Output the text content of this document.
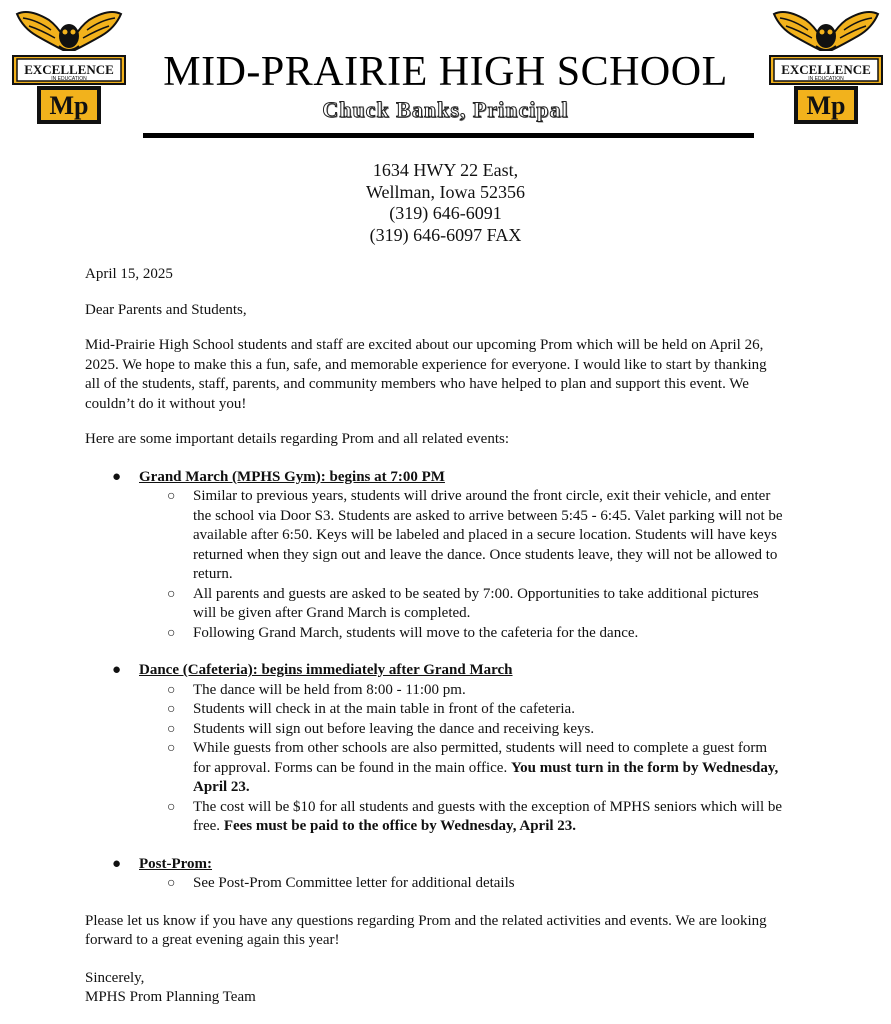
EXCELLENCE
IN EDUCATION
Mp
EXCELLENCE
IN EDUCATION
Mp
MID-PRAIRIE HIGH SCHOOL
Chuck Banks, Principal
1634 HWY 22 East,
Wellman, Iowa 52356
(319) 646-6091
(319) 646-6097 FAX

April 15, 2025

Dear Parents and Students,

Mid-Prairie High School students and staff are excited about our upcoming Prom which will be held on April 26, 2025. We hope to make this a fun, safe, and memorable experience for everyone. I would like to start by thanking all of the students, staff, parents, and community members who have helped to plan and support this event. We couldn’t do it without you!

Here are some important details regarding Prom and all related events:

● Grand March (MPHS Gym): begins at 7:00 PM
○ Similar to previous years, students will drive around the front circle, exit their vehicle, and enter the school via Door S3. Students are asked to arrive between 5:45 - 6:45. Valet parking will not be available after 6:50. Keys will be labeled and placed in a secure location. Students will have keys returned when they sign out and leave the dance. Once students leave, they will not be allowed to return.
○ All parents and guests are asked to be seated by 7:00. Opportunities to take additional pictures will be given after Grand March is completed.
○ Following Grand March, students will move to the cafeteria for the dance.
● Dance (Cafeteria): begins immediately after Grand March
○ The dance will be held from 8:00 - 11:00 pm.
○ Students will check in at the main table in front of the cafeteria.
○ Students will sign out before leaving the dance and receiving keys.
○ While guests from other schools are also permitted, students will need to complete a guest form for approval. Forms can be found in the main office. You must turn in the form by Wednesday, April 23.
○ The cost will be $10 for all students and guests with the exception of MPHS seniors which will be free. Fees must be paid to the office by Wednesday, April 23.
● Post-Prom:
○ See Post-Prom Committee letter for additional details

Please let us know if you have any questions regarding Prom and the related activities and events. We are looking forward to a great evening again this year!

Sincerely,

MPHS Prom Planning Team
